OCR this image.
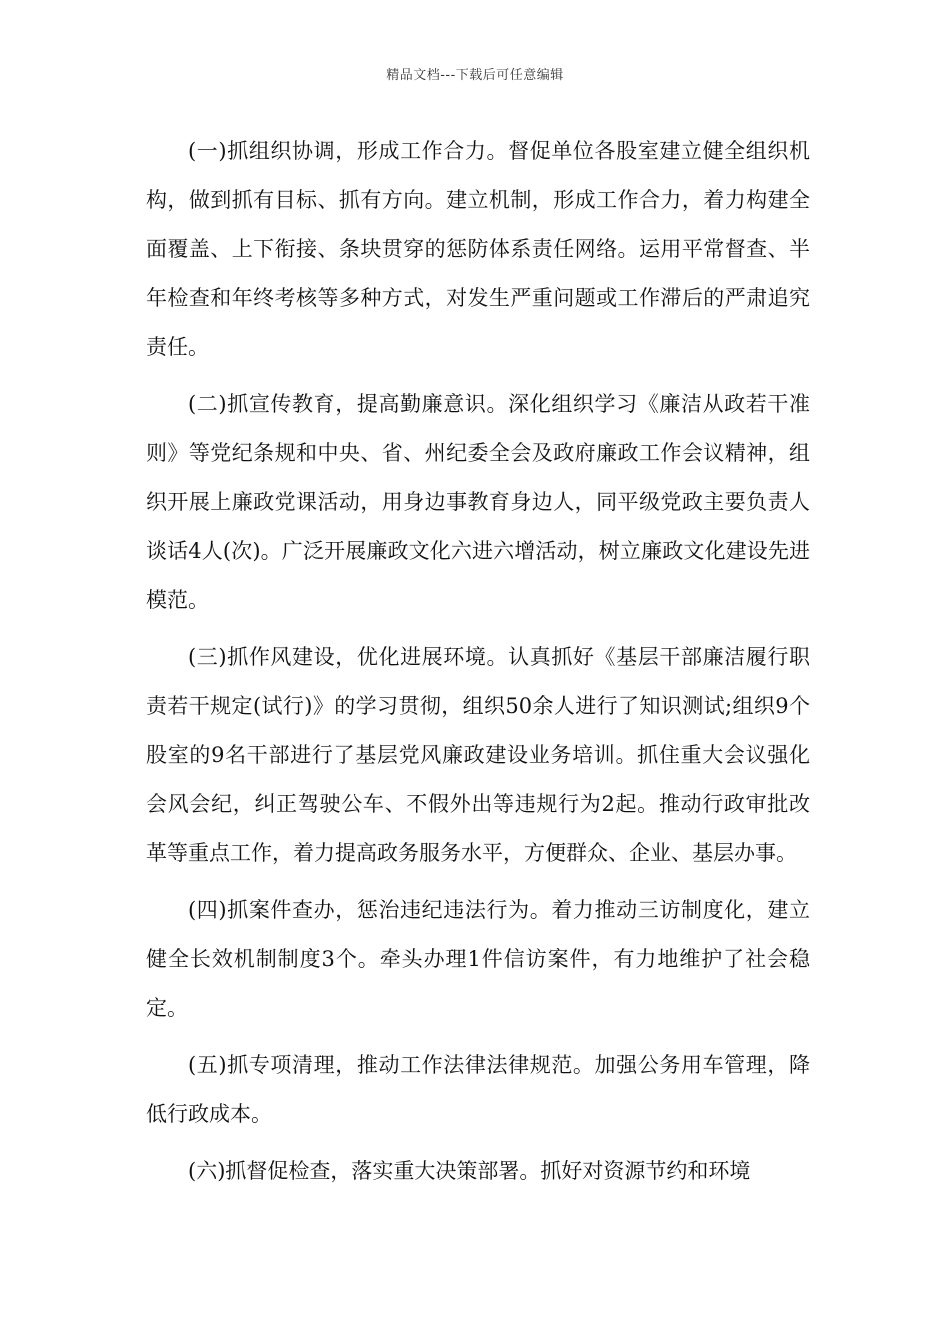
精品文档---下载后可任意编辑

(一)抓组织协调，形成工作合力。督促单位各股室建立健全组织机构，做到抓有目标、抓有方向。建立机制，形成工作合力，着力构建全面覆盖、上下衔接、条块贯穿的惩防体系责任网络。运用平常督查、半年检查和年终考核等多种方式，对发生严重问题或工作滞后的严肃追究责任。

(二)抓宣传教育，提高勤廉意识。深化组织学习《廉洁从政若干准则》等党纪条规和中央、省、州纪委全会及政府廉政工作会议精神，组织开展上廉政党课活动，用身边事教育身边人，同平级党政主要负责人谈话4人(次)。广泛开展廉政文化六进六增活动，树立廉政文化建设先进模范。

(三)抓作风建设，优化进展环境。认真抓好《基层干部廉洁履行职责若干规定(试行)》的学习贯彻，组织50余人进行了知识测试;组织9个股室的9名干部进行了基层党风廉政建设业务培训。抓住重大会议强化会风会纪，纠正驾驶公车、不假外出等违规行为2起。推动行政审批改革等重点工作，着力提高政务服务水平，方便群众、企业、基层办事。

(四)抓案件查办，惩治违纪违法行为。着力推动三访制度化，建立健全长效机制制度3个。牵头办理1件信访案件，有力地维护了社会稳定。

(五)抓专项清理，推动工作法律法律规范。加强公务用车管理，降低行政成本。

(六)抓督促检查，落实重大决策部署。抓好对资源节约和环境
